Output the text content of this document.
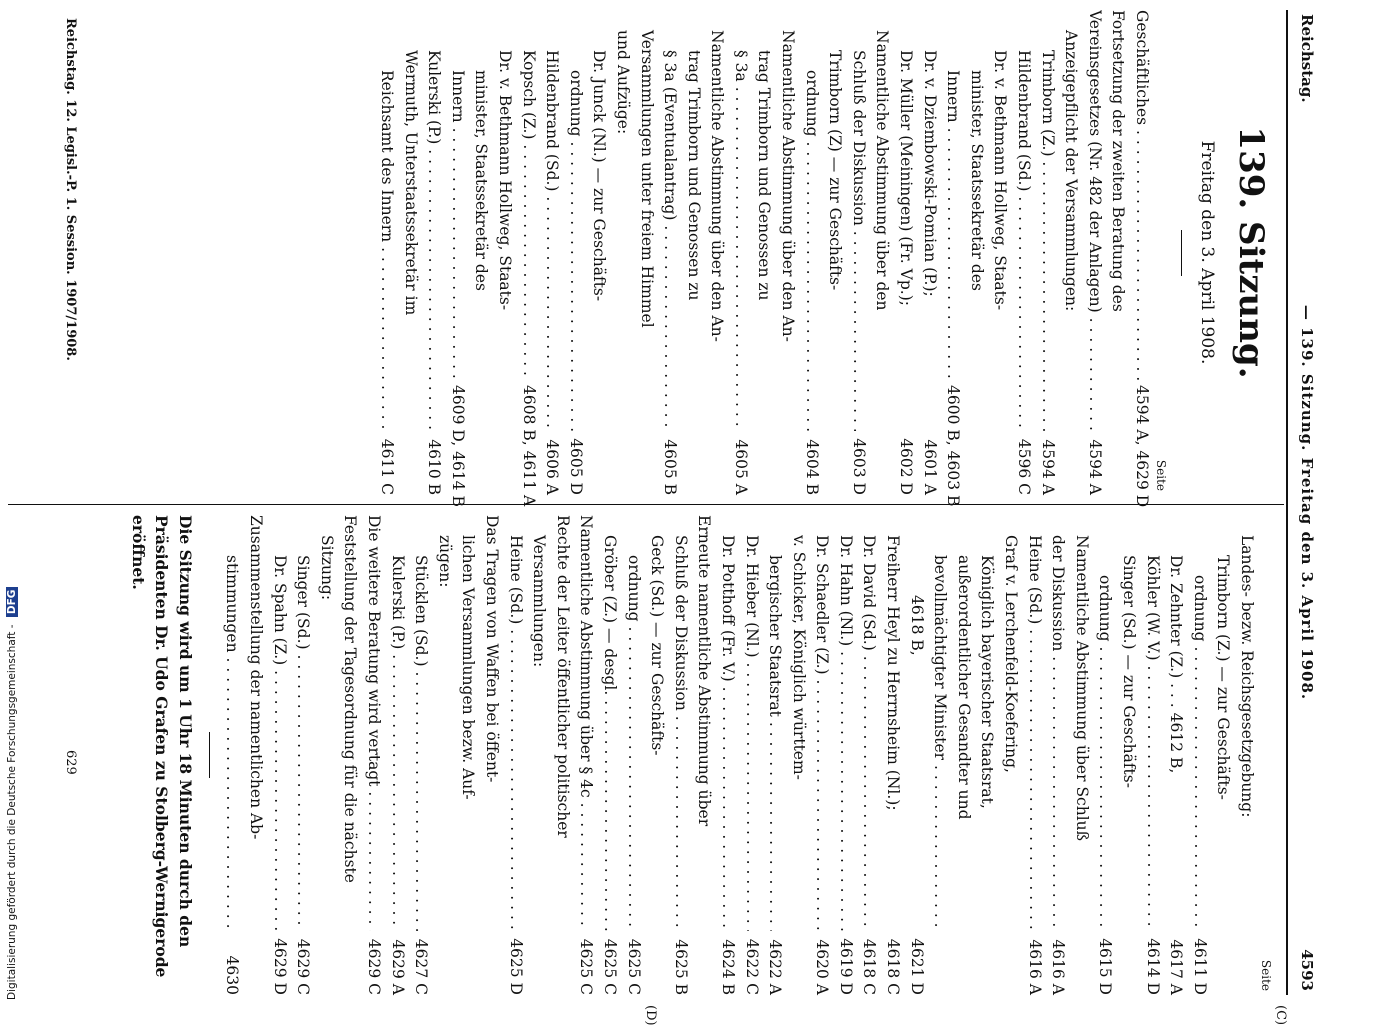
Reichstag.
— 139. Sitzung. Freitag den 3. April 1908.
4593
(C)
(D)
139. Sitzung.
Freitag den 3. April 1908.
Seite
Geschäftliches . . .
4594 A, 4629 D
Fortsetzung der zweiten Beratung des
Vereinsgesetzes (Nr. 482 der Anlagen) . . .
4594 A
Anzeigepflicht der Versammlungen:
Trimborn (Z.) . . .
4594 A
Hildenbrand (Sd.) . . .
4596 C
Dr. v. Bethmann Hollweg, Staats-
minister, Staatssekretär des
Innern . . .
4600 B, 4603 B
Dr. v. Dziembowski-Pomian (P.);
4601 A
Dr. Müller (Meiningen) (Fr. Vp.);
4602 D
Namentliche Abstimmung über den
Schluß der Diskussion . . .
4603 D
Trimborn (Z) — zur Geschäfts-
ordnung . . .
4604 B
Namentliche Abstimmung über den An-
trag Trimborn und Genossen zu
§ 3a . . .
4605 A
Namentliche Abstimmung über den An-
trag Trimborn und Genossen zu
§ 3a (Eventualantrag) . . .
4605 B
Versammlungen unter freiem Himmel
und Aufzüge:
Dr. Junck (Nl.) — zur Geschäfts-
ordnung . . .
4605 D
Hildenbrand (Sd.) . . .
4606 A
Kopsch (Z.) . . .
4608 B, 4611 A
Dr. v. Bethmann Hollweg, Staats-
minister, Staatssekretär des
Innern . . .
4609 D, 4614 B
Kulerski (P.) . . .
4610 B
Wermuth, Unterstaatssekretär im
Reichsamt des Innern . . .
4611 C
Seite
Landes- bezw. Reichsgesetzgebung:
Trimborn (Z.) — zur Geschäfts-
ordnung . . .
4611 D
Dr. Zehnter (Z.) . . . 4612 B,
4617 A
Köhler (W. V.) . . .
4614 D
Singer (Sd.) — zur Geschäfts-
ordnung . . .
4615 D
Namentliche Abstimmung über Schluß
der Diskussion . . .
4616 A
Heine (Sd.) . . .
4616 A
Graf v. Lerchenfeld-Koefering,
Königlich bayerischer Staatsrat,
außerordentlicher Gesandter und
bevollmächtigter Minister . . .
4618 B,
4621 D
Freiherr Heyl zu Herrnsheim (Nl.);
4618 C
Dr. David (Sd.) . . .
4618 C
Dr. Hahn (Nl.) . . .
4619 D
Dr. Schaedler (Z.) . . .
4620 A
v. Schicker, Königlich württem-
bergischer Staatsrat . . .
4622 A
Dr. Hieber (Nl.) . . .
4622 C
Dr. Potthoff (Fr. V.) . . .
4624 B
Erneute namentliche Abstimmung über
Schluß der Diskussion . . .
4625 B
Geck (Sd.) — zur Geschäfts-
ordnung . . .
4625 C
Gröber (Z.) — desgl. . . .
4625 C
Namentliche Abstimmung über § 4c . . .
4625 C
Rechte der Leiter öffentlicher politischer
Versammlungen:
Heine (Sd.) . . .
4625 D
Das Tragen von Waffen bei öffent-
lichen Versammlungen bezw. Auf-
zügen:
Stücklen (Sd.) . . .
4627 C
Kulerski (P.) . . .
4629 A
Die weitere Beratung wird vertagt . . .
4629 C
Feststellung der Tagesordnung für die nächste
Sitzung:
Singer (Sd.) . . .
4629 C
Dr. Spahn (Z.) . . .
4629 D
Zusammenstellung der namentlichen Ab-
stimmungen . . .
4630
Die Sitzung wird um 1 Uhr 18 Minuten durch den Präsidenten Dr. Udo Grafen zu Stolberg-Wernigerode eröffnet.
Reichstag. 12. Legisl.-P. 1. Session. 1907/1908.
629
Digitalisierung gefördert durch die Deutsche Forschungsgemeinschaft - DFG
